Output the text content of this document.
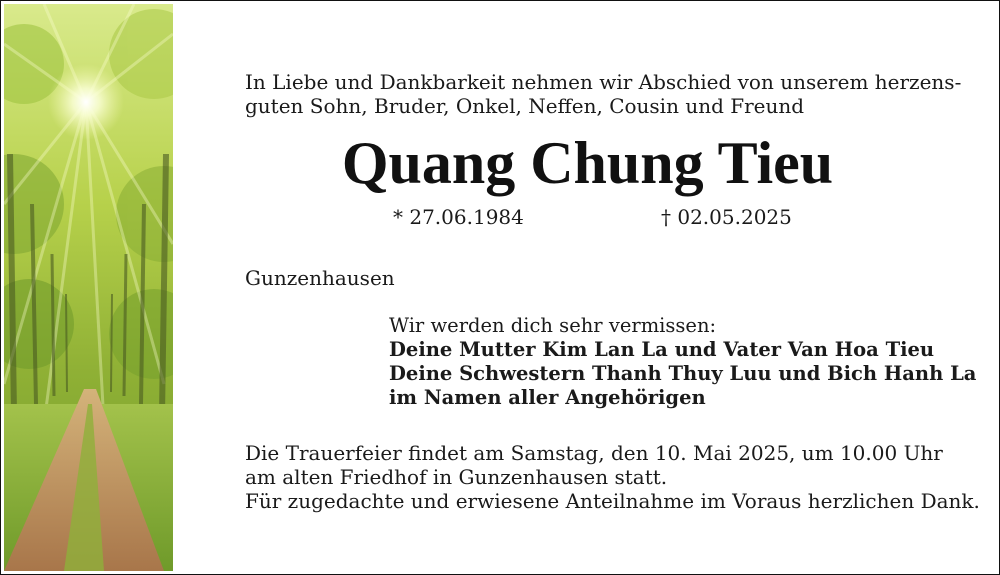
In Liebe und Dankbarkeit nehmen wir Abschied von unserem herzens-
guten Sohn, Bruder, Onkel, Neffen, Cousin und Freund
Quang Chung Tieu
* 27.06.1984	† 02.05.2025
Gunzenhausen
Wir werden dich sehr vermissen:
Deine Mutter Kim Lan La und Vater Van Hoa Tieu
Deine Schwestern Thanh Thuy Luu und Bich Hanh La
im Namen aller Angehörigen
Die Trauerfeier findet am Samstag, den 10. Mai 2025, um 10.00 Uhr
am alten Friedhof in Gunzenhausen statt.
Für zugedachte und erwiesene Anteilnahme im Voraus herzlichen Dank.
